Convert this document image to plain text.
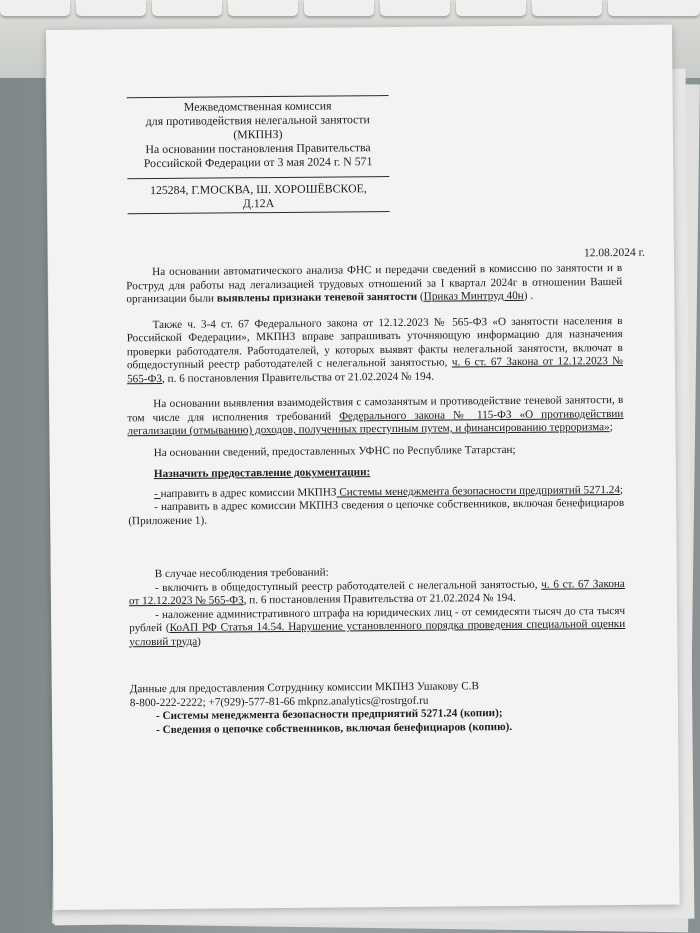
Межведомственная комиссия
для противодействия нелегальной занятости
(МКПНЗ)
На основании постановления Правительства
Российской Федерации от 3 мая 2024 г. N 571
125284, Г.МОСКВА, Ш. ХОРОШЁВСКОЕ,
Д.12А
12.08.2024 г.

На основании автоматического анализа ФНС и передачи сведений в комиссию по занятости и в Роструд для работы над легализацией трудовых отношений за I квартал 2024г в отношении Вашей организации были выявлены признаки теневой занятости (Приказ Минтруд 40н) .

Также ч. 3-4 ст. 67 Федерального закона от 12.12.2023 № 565-ФЗ «О занятости населения в Российской Федерации», МКПНЗ вправе запрашивать уточняющую информацию для назначения проверки работодателя. Работодателей, у которых выявят факты нелегальной занятости, включат в общедоступный реестр работодателей с нелегальной занятостью, ч. 6 ст. 67 Закона от 12.12.2023 № 565-ФЗ, п. 6 постановления Правительства от 21.02.2024 № 194.

На основании выявления взаимодействия с самозанятым и противодействие теневой занятости, в том числе для исполнения требований Федерального закона № 115-ФЗ «О противодействии легализации (отмыванию) доходов, полученных преступным путем, и финансированию терроризма»;

На основании сведений, предоставленных УФНС по Республике Татарстан;

Назначить предоставление документации:

- направить в адрес комиссии МКПНЗ Системы менеджмента безопасности предприятий 5271.24;

- направить в адрес комиссии МКПНЗ сведения о цепочке собственников, включая бенефициаров (Приложение 1).

В случае несоблюдения требований:

- включить в общедоступный реестр работодателей с нелегальной занятостью, ч. 6 ст. 67 Закона от 12.12.2023 № 565-ФЗ, п. 6 постановления Правительства от 21.02.2024 № 194.

- наложение административного штрафа на юридических лиц - от семидесяти тысяч до ста тысяч рублей (КоАП РФ Статья 14.54. Нарушение установленного порядка проведения специальной оценки условий труда)

Данные для предоставления Сотруднику комиссии МКПНЗ Ушакову С.В
8-800-222-2222; +7(929)-577-81-66 mkpnz.analytics@rostrgof.ru
- Системы менеджмента безопасности предприятий 5271.24 (копии);
- Сведения о цепочке собственников, включая бенефициаров (копию).
